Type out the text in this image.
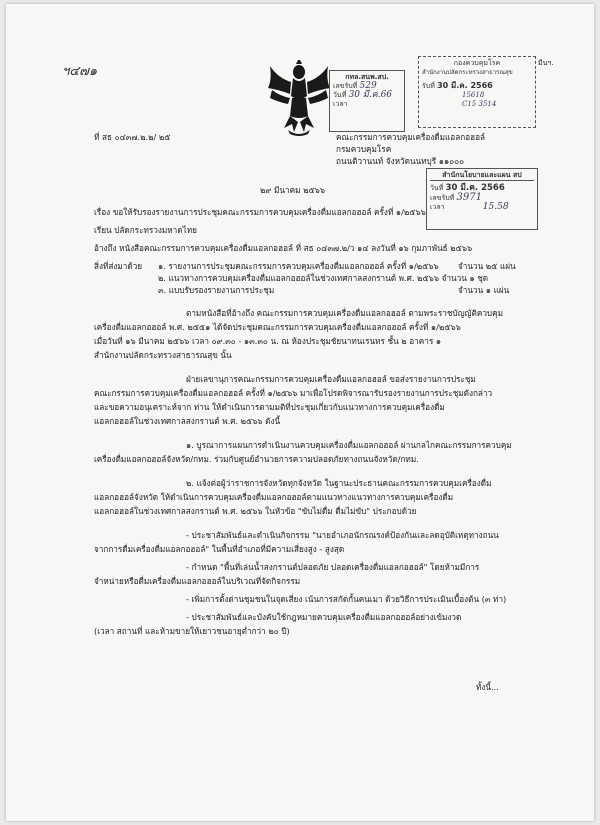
ฯ๔๗๑	กทล.สนพ.สป.
เลขรับที่ 529
วันที่ 30 มี.ค.66
เวลา
กองควบคุมโรค
สำนักงานปลัดกระทรวงสาธารณสุข
รับที่ 30 มี.ค. 2566
15618
C15 3514
มีนฯ.
ที่ สธ ๐๔๓๗.๒.๒/ ๒๕	คณะกรรมการควบคุมเครื่องดื่มแอลกอฮอล์
กรมควบคุมโรค
ถนนติวานนท์ จังหวัดนนทบุรี ๑๑๐๐๐
สำนักนโยบายและแผน สป
วันที่ 30 มี.ค. 2566
เลขรับที่ 3971
เวลา	15.58
๒๙ มีนาคม ๒๕๖๖
เรื่อง ขอให้รับรองรายงานการประชุมคณะกรรมการควบคุมเครื่องดื่มแอลกอฮอล์ ครั้งที่ ๑/๒๕๖๖
เรียน ปลัดกระทรวงมหาดไทย
อ้างถึง หนังสือคณะกรรมการควบคุมเครื่องดื่มแอลกอฮอล์ ที่ สธ ๐๔๓๗.๒/ว ๑๔ ลงวันที่ ๑๖ กุมภาพันธ์ ๒๕๖๖
สิ่งที่ส่งมาด้วย ๑. รายงานการประชุมคณะกรรมการควบคุมเครื่องดื่มแอลกอฮอล์ ครั้งที่ ๑/๒๕๖๖ จำนวน ๒๕ แผ่น
๒. แนวทางการควบคุมเครื่องดื่มแอลกอฮอล์ในช่วงเทศกาลสงกรานต์ พ.ศ. ๒๕๖๖ จำนวน ๑ ชุด
๓. แบบรับรองรายงานการประชุม	จำนวน ๑ แผ่น
ตามหนังสือที่อ้างถึง คณะกรรมการควบคุมเครื่องดื่มแอลกอฮอล์ ตามพระราชบัญญัติควบคุม
เครื่องดื่มแอลกอฮอล์ พ.ศ. ๒๕๕๑ ได้จัดประชุมคณะกรรมการควบคุมเครื่องดื่มแอลกอฮอล์ ครั้งที่ ๑/๒๕๖๖
เมื่อวันที่ ๑๖ มีนาคม ๒๕๖๖ เวลา ๐๙.๓๐ - ๑๓.๓๐ น. ณ ห้องประชุมชัยนาทนเรนทร ชั้น ๒ อาคาร ๑
สำนักงานปลัดกระทรวงสาธารณสุข นั้น
ฝ่ายเลขานุการคณะกรรมการควบคุมเครื่องดื่มแอลกอฮอล์ ขอส่งรายงานการประชุม
คณะกรรมการควบคุมเครื่องดื่มแอลกอฮอล์ ครั้งที่ ๑/๒๕๖๖ มาเพื่อโปรดพิจารณารับรองรายงานการประชุมดังกล่าว
และขอความอนุเคราะห์จาก ท่าน ให้ดำเนินการตามมติที่ประชุมเกี่ยวกับแนวทางการควบคุมเครื่องดื่ม
แอลกอฮอล์ในช่วงเทศกาลสงกรานต์ พ.ศ. ๒๕๖๖ ดังนี้
๑. บูรณาการแผนการดำเนินงานควบคุมเครื่องดื่มแอลกอฮอล์ ผ่านกลไกคณะกรรมการควบคุม
เครื่องดื่มแอลกอฮอล์จังหวัด/กทม. ร่วมกับศูนย์อำนวยการความปลอดภัยทางถนนจังหวัด/กทม.
๒. แจ้งต่อผู้ว่าราชการจังหวัดทุกจังหวัด ในฐานะประธานคณะกรรมการควบคุมเครื่องดื่ม
แอลกอฮอล์จังหวัด ให้ดำเนินการควบคุมเครื่องดื่มแอลกอฮอล์ตามแนวทางแนวทางการควบคุมเครื่องดื่ม
แอลกอฮอล์ในช่วงเทศกาลสงกรานต์ พ.ศ. ๒๕๖๖ ในหัวข้อ "ขับไม่ดื่ม ดื่มไม่ขับ" ประกอบด้วย
- ประชาสัมพันธ์และดำเนินกิจกรรม "นายอำเภอนักรณรงค์ป้องกันและลดอุบัติเหตุทางถนน
จากการดื่มเครื่องดื่มแอลกอฮอล์" ในพื้นที่อำเภอที่มีความเสี่ยงสูง - สูงสุด
- กำหนด "พื้นที่เล่นน้ำสงกรานต์ปลอดภัย ปลอดเครื่องดื่มแอลกอฮอล์" โดยห้ามมีการ
จำหน่ายหรือดื่มเครื่องดื่มแอลกอฮอล์ในบริเวณที่จัดกิจกรรม
- เพิ่มการตั้งด่านชุมชนในจุดเสี่ยง เน้นการสกัดกั้นคนเมา ด้วยวิธีการประเมินเบื้องต้น (๓ ท่า)
- ประชาสัมพันธ์และบังคับใช้กฎหมายควบคุมเครื่องดื่มแอลกอฮอล์อย่างเข้มงวด
(เวลา สถานที่ และห้ามขายให้เยาวชนอายุต่ำกว่า ๒๐ ปี)
ทั้งนี้...
